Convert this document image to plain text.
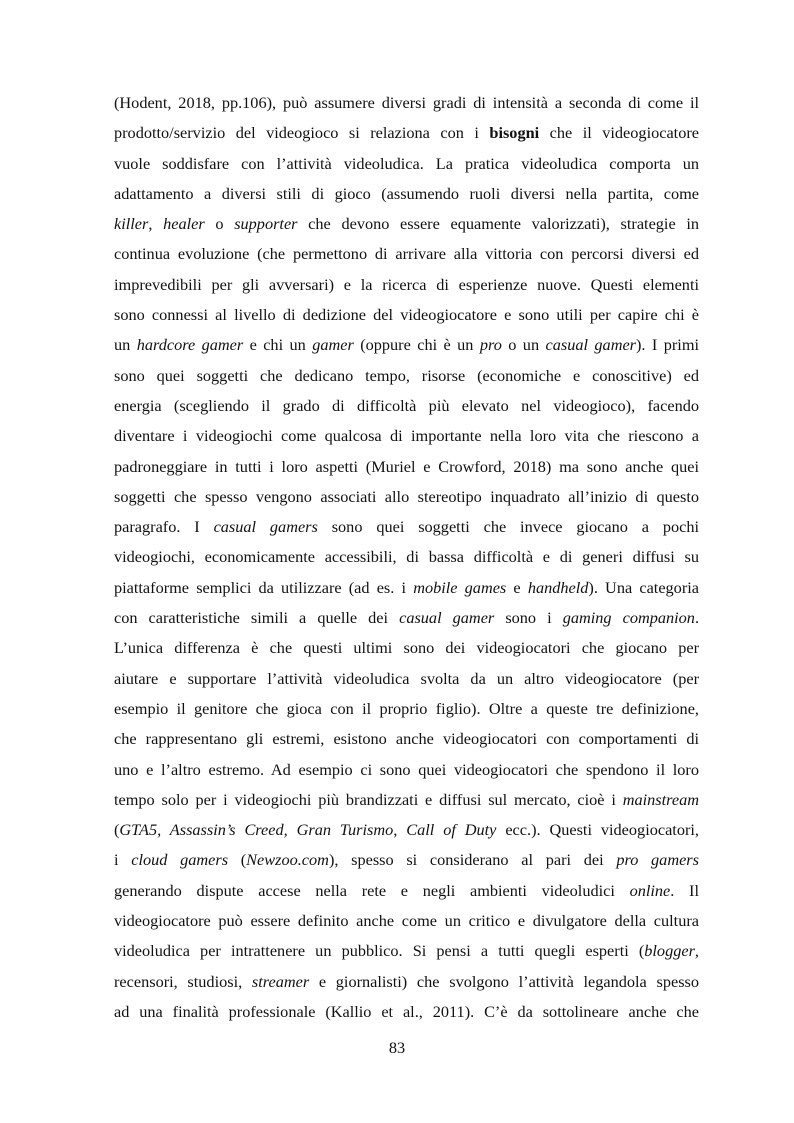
(Hodent, 2018, pp.106), può assumere diversi gradi di intensità a seconda di come il
prodotto/servizio del videogioco si relaziona con i bisogni che il videogiocatore
vuole soddisfare con l’attività videoludica. La pratica videoludica comporta un
adattamento a diversi stili di gioco (assumendo ruoli diversi nella partita, come
killer, healer o supporter che devono essere equamente valorizzati), strategie in
continua evoluzione (che permettono di arrivare alla vittoria con percorsi diversi ed
imprevedibili per gli avversari) e la ricerca di esperienze nuove. Questi elementi
sono connessi al livello di dedizione del videogiocatore e sono utili per capire chi è
un hardcore gamer e chi un gamer (oppure chi è un pro o un casual gamer). I primi
sono quei soggetti che dedicano tempo, risorse (economiche e conoscitive) ed
energia (scegliendo il grado di difficoltà più elevato nel videogioco), facendo
diventare i videogiochi come qualcosa di importante nella loro vita che riescono a
padroneggiare in tutti i loro aspetti (Muriel e Crowford, 2018) ma sono anche quei
soggetti che spesso vengono associati allo stereotipo inquadrato all’inizio di questo
paragrafo. I casual gamers sono quei soggetti che invece giocano a pochi
videogiochi, economicamente accessibili, di bassa difficoltà e di generi diffusi su
piattaforme semplici da utilizzare (ad es. i mobile games e handheld). Una categoria
con caratteristiche simili a quelle dei casual gamer sono i gaming companion.
L’unica differenza è che questi ultimi sono dei videogiocatori che giocano per
aiutare e supportare l’attività videoludica svolta da un altro videogiocatore (per
esempio il genitore che gioca con il proprio figlio). Oltre a queste tre definizione,
che rappresentano gli estremi, esistono anche videogiocatori con comportamenti di
uno e l’altro estremo. Ad esempio ci sono quei videogiocatori che spendono il loro
tempo solo per i videogiochi più brandizzati e diffusi sul mercato, cioè i mainstream
(GTA5, Assassin’s Creed, Gran Turismo, Call of Duty ecc.). Questi videogiocatori,
i cloud gamers (Newzoo.com), spesso si considerano al pari dei pro gamers
generando dispute accese nella rete e negli ambienti videoludici online. Il
videogiocatore può essere definito anche come un critico e divulgatore della cultura
videoludica per intrattenere un pubblico. Si pensi a tutti quegli esperti (blogger,
recensori, studiosi, streamer e giornalisti) che svolgono l’attività legandola spesso
ad una finalità professionale (Kallio et al., 2011). C’è da sottolineare anche che
83
